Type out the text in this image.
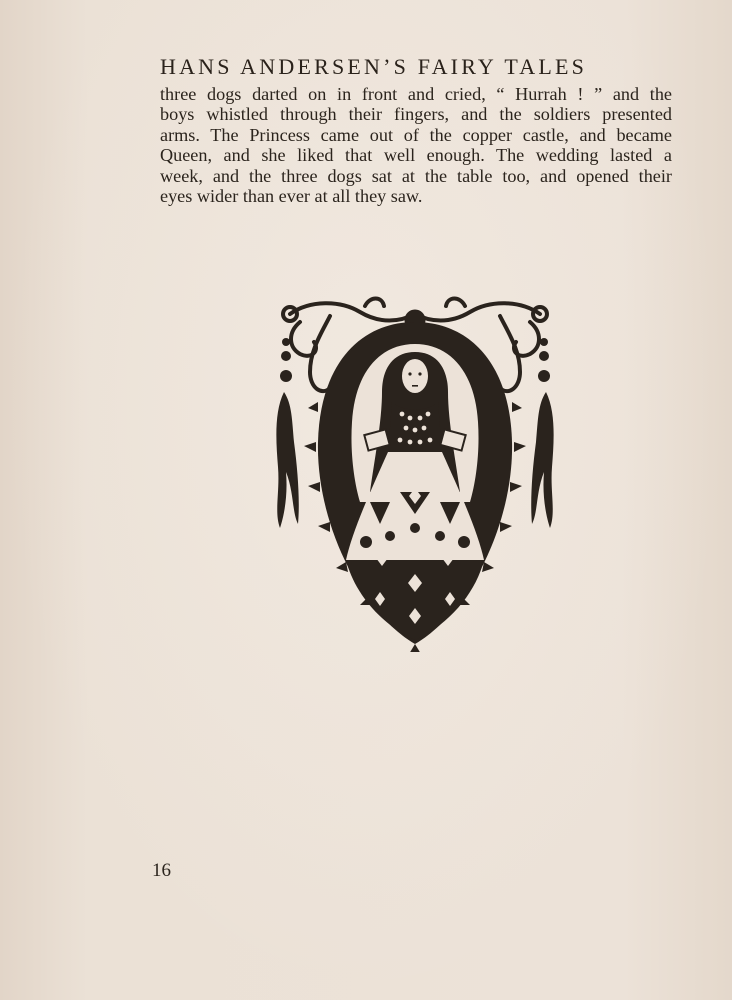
HANS ANDERSEN’S FAIRY TALES
three dogs darted on in front and cried, “ Hurrah ! ” and the
boys whistled through their fingers, and the soldiers presented
arms. The Princess came out of the copper castle, and became
Queen, and she liked that well enough. The wedding lasted a
week, and the three dogs sat at the table too, and opened their
eyes wider than ever at all they saw.
16
